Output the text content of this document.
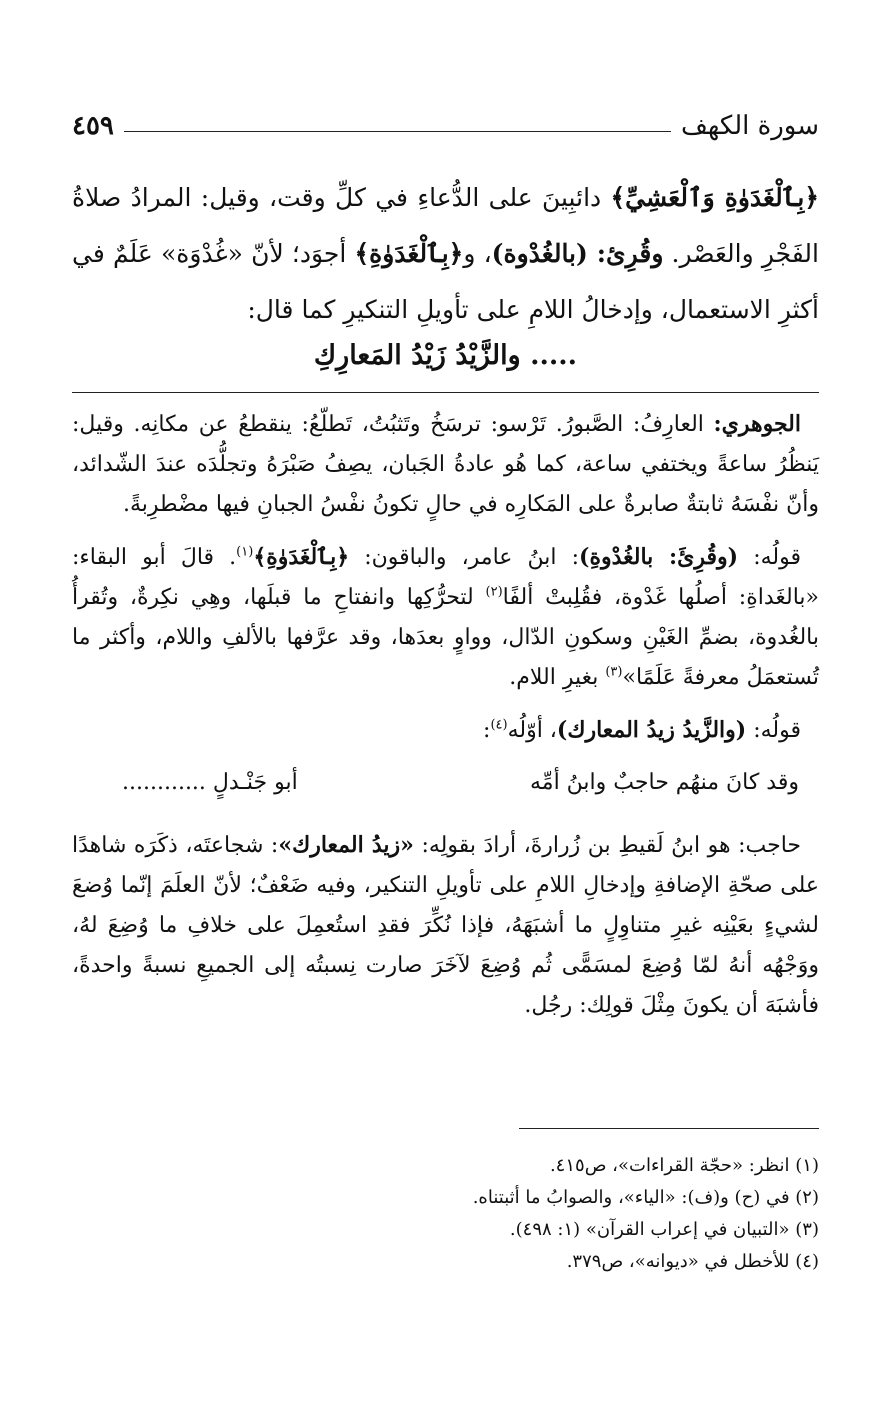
سورة الكهف
٤٥٩

﴿بِٱلْغَدَوٰةِ وَٱلْعَشِيِّ﴾ دائبِينَ على الدُّعاءِ في كلِّ وقت، وقيل: المرادُ صلاةُ الفَجْرِ والعَصْر. وقُرِئ: (بالغُدْوة)، و﴿بِٱلْغَدَوٰةِ﴾ أجوَد؛ لأنّ «غُدْوَة» عَلَمٌ في أكثرِ الاستعمال، وإدخالُ اللامِ على تأويلِ التنكيرِ كما قال:

..... والزَّيْدُ زَيْدُ المَعارِكِ

الجوهري: العارِفُ: الصَّبورُ. تَرْسو: ترسَخُ وتَثبُتُ، تَطلّعُ: ينقطعُ عن مكانِه. وقيل: يَنظُرُ ساعةً ويختفي ساعة، كما هُو عادةُ الجَبان، يصِفُ صَبْرَهُ وتجلُّدَه عندَ الشّدائد، وأنّ نفْسَهُ ثابتةٌ صابرةٌ على المَكارِه في حالٍ تكونُ نفْسُ الجبانِ فيها مضْطرِبةً.

قولُه: (وقُرِئَ: بالغُدْوةِ): ابنُ عامر، والباقون: ﴿بِٱلْغَدَوٰةِ﴾$^{(١)}$. قالَ أبو البقاء: «بالغَداةِ: أصلُها غَدْوة، فقُلِبتْ ألفًا$^{(٢)}$ لتحرُّكِها وانفتاحِ ما قبلَها، وهِي نكِرةٌ، وتُقرأُ بالغُدوة، بضمِّ الغَيْنِ وسكونِ الدّال، وواوٍ بعدَها، وقد عرَّفها بالألفِ واللام، وأكثر ما تُستعمَلُ معرفةً عَلَمًا»$^{(٣)}$ بغيرِ اللام.

قولُه: (والزَّيدُ زيدُ المعارك)، أوّلُه$^{(٤)}$:

وقد كانَ منهُم حاجبٌ وابنُ أمِّه
أبو جَنْـدلٍ ............

حاجب: هو ابنُ لَقيطِ بن زُرارةَ، أرادَ بقولِه: «زيدُ المعارك»: شجاعتَه، ذكَرَه شاهدًا على صحّةِ الإضافةِ وإدخالِ اللامِ على تأويلِ التنكير، وفيه ضَعْفٌ؛ لأنّ العلَمَ إنّما وُضعَ لشيءٍ بعَيْنِه غيرِ متناوِلٍ ما أشبَهَهُ، فإذا نُكِّرَ فقدِ استُعمِلَ على خلافِ ما وُضِعَ لهُ، ووَجْهُه أنهُ لمّا وُضِعَ لمسَمًّى ثُم وُضِعَ لآخَرَ صارت نِسبتُه إلى الجميعِ نسبةً واحدةً، فأشبَهَ أن يكونَ مِثْلَ قولِك: رجُل.

(١) انظر: «حجّة القراءات»، ص٤١٥.
(٢) في (ح) و(ف): «الياء»، والصوابُ ما أثبتناه.
(٣) «التبيان في إعراب القرآن» (١: ٤٩٨).
(٤) للأخطل في «ديوانه»، ص٣٧٩.
